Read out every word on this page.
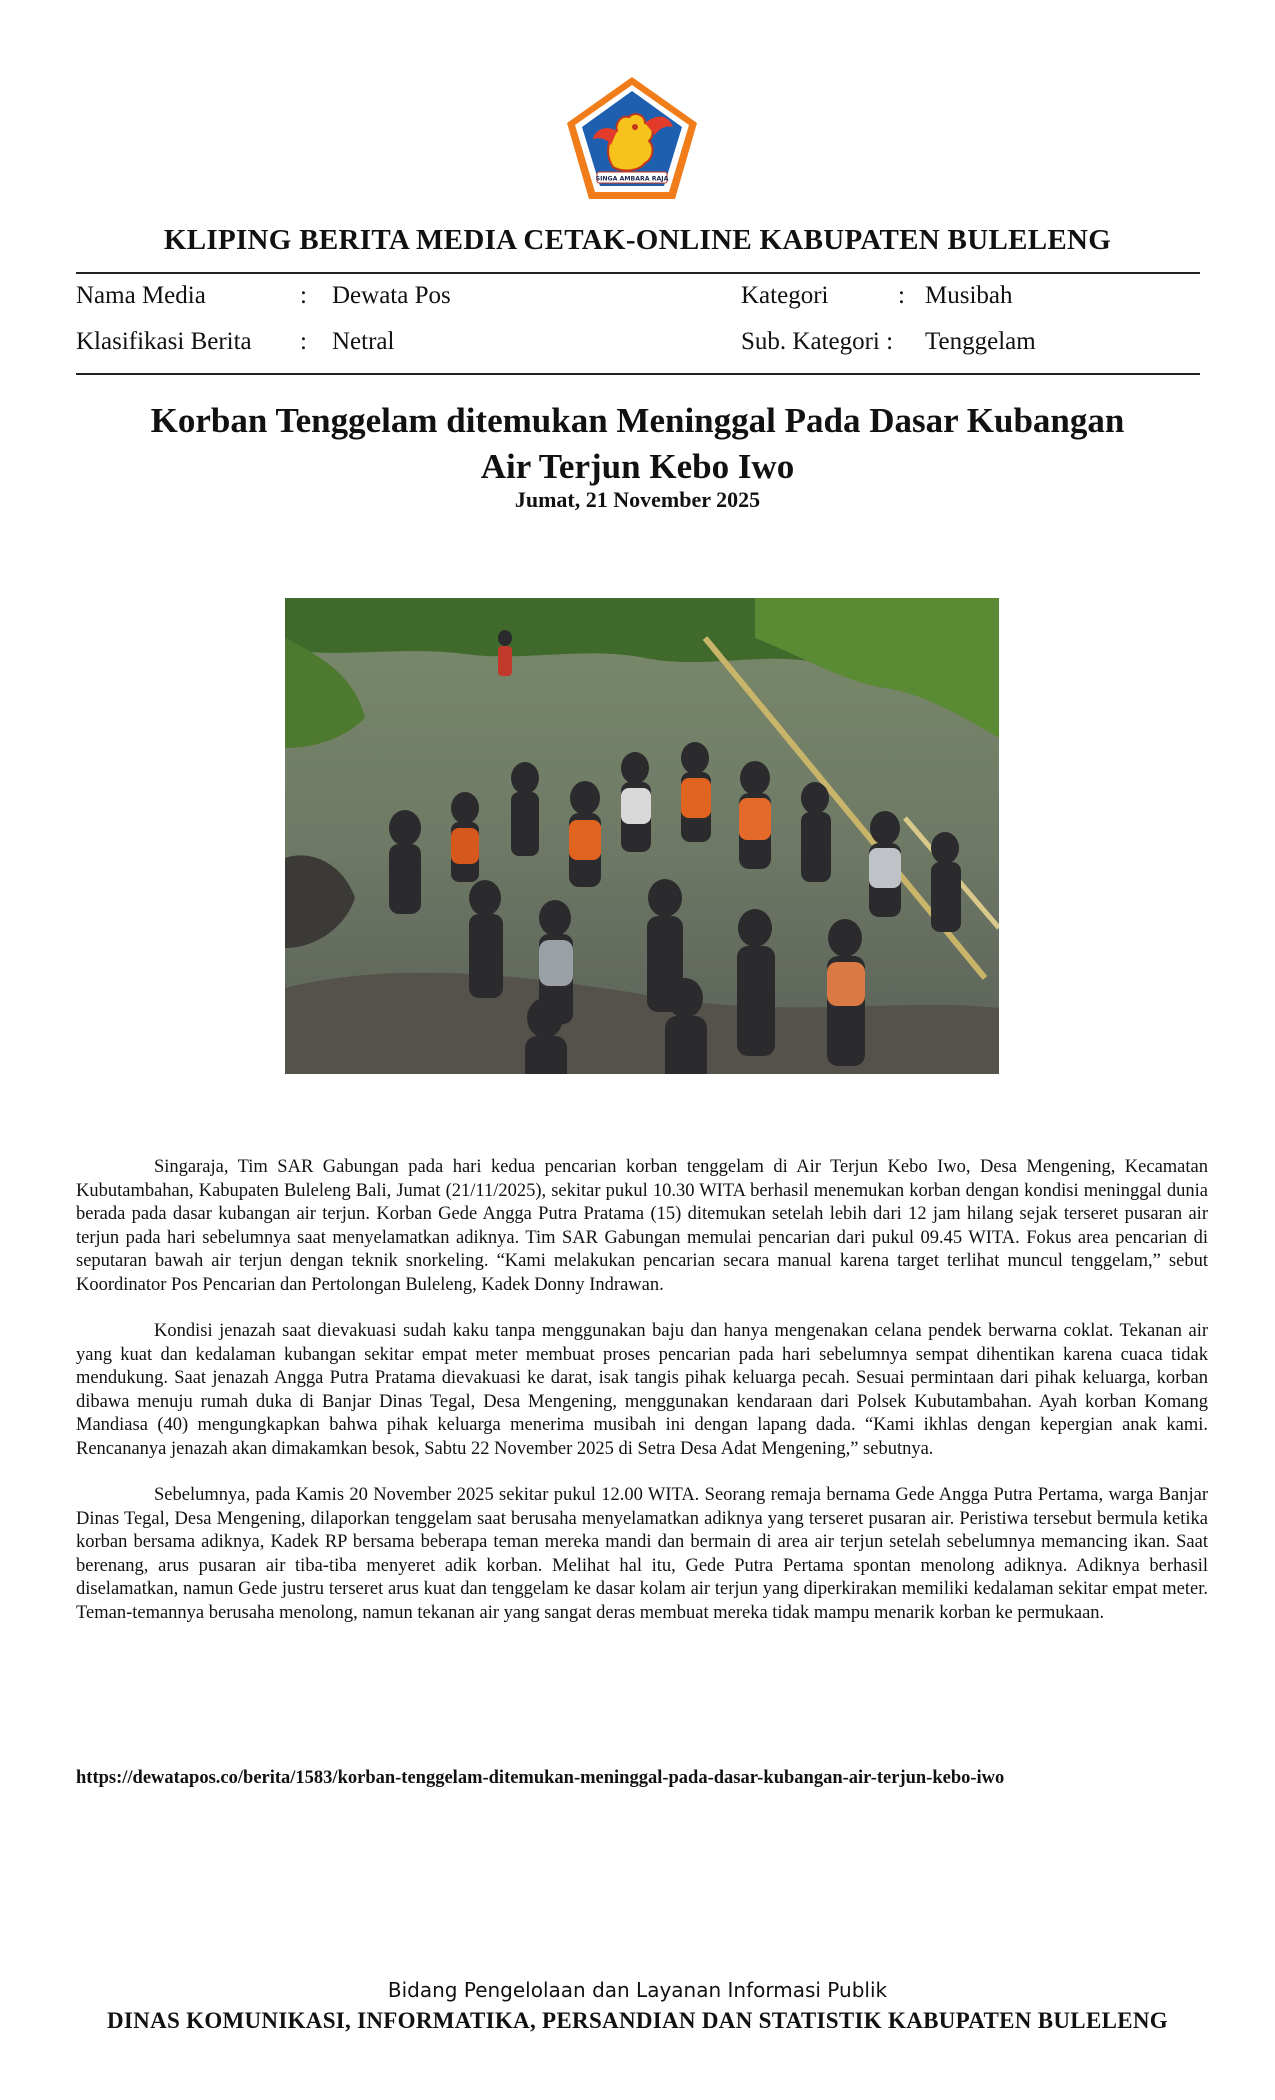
SINGA AMBARA RAJA
KLIPING BERITA MEDIA CETAK-ONLINE KABUPATEN BULELENG
Nama Media	: Dewata Pos	Kategori	: Musibah
Klasifikasi Berita : Netral	Sub. Kategori : Tenggelam
Korban Tenggelam ditemukan Meninggal Pada Dasar Kubangan
Air Terjun Kebo Iwo
Jumat, 21 November 2025

Singaraja, Tim SAR Gabungan pada hari kedua pencarian korban tenggelam di Air Terjun Kebo Iwo, Desa Mengening, Kecamatan Kubutambahan, Kabupaten Buleleng Bali, Jumat (21/11/2025), sekitar pukul 10.30 WITA berhasil menemukan korban dengan kondisi meninggal dunia berada pada dasar kubangan air terjun. Korban Gede Angga Putra Pratama (15) ditemukan setelah lebih dari 12 jam hilang sejak terseret pusaran air terjun pada hari sebelumnya saat menyelamatkan adiknya. Tim SAR Gabungan memulai pencarian dari pukul 09.45 WITA. Fokus area pencarian di seputaran bawah air terjun dengan teknik snorkeling. “Kami melakukan pencarian secara manual karena target terlihat muncul tenggelam,” sebut Koordinator Pos Pencarian dan Pertolongan Buleleng, Kadek Donny Indrawan.

Kondisi jenazah saat dievakuasi sudah kaku tanpa menggunakan baju dan hanya mengenakan celana pendek berwarna coklat. Tekanan air yang kuat dan kedalaman kubangan sekitar empat meter membuat proses pencarian pada hari sebelumnya sempat dihentikan karena cuaca tidak mendukung. Saat jenazah Angga Putra Pratama dievakuasi ke darat, isak tangis pihak keluarga pecah. Sesuai permintaan dari pihak keluarga, korban dibawa menuju rumah duka di Banjar Dinas Tegal, Desa Mengening, menggunakan kendaraan dari Polsek Kubutambahan. Ayah korban Komang Mandiasa (40) mengungkapkan bahwa pihak keluarga menerima musibah ini dengan lapang dada. “Kami ikhlas dengan kepergian anak kami. Rencananya jenazah akan dimakamkan besok, Sabtu 22 November 2025 di Setra Desa Adat Mengening,” sebutnya.

Sebelumnya, pada Kamis 20 November 2025 sekitar pukul 12.00 WITA. Seorang remaja bernama Gede Angga Putra Pertama, warga Banjar Dinas Tegal, Desa Mengening, dilaporkan tenggelam saat berusaha menyelamatkan adiknya yang terseret pusaran air. Peristiwa tersebut bermula ketika korban bersama adiknya, Kadek RP bersama beberapa teman mereka mandi dan bermain di area air terjun setelah sebelumnya memancing ikan. Saat berenang, arus pusaran air tiba-tiba menyeret adik korban. Melihat hal itu, Gede Putra Pertama spontan menolong adiknya. Adiknya berhasil diselamatkan, namun Gede justru terseret arus kuat dan tenggelam ke dasar kolam air terjun yang diperkirakan memiliki kedalaman sekitar empat meter. Teman-temannya berusaha menolong, namun tekanan air yang sangat deras membuat mereka tidak mampu menarik korban ke permukaan.

https://dewatapos.co/berita/1583/korban-tenggelam-ditemukan-meninggal-pada-dasar-kubangan-air-terjun-kebo-iwo
Bidang Pengelolaan dan Layanan Informasi Publik
DINAS KOMUNIKASI, INFORMATIKA, PERSANDIAN DAN STATISTIK KABUPATEN BULELENG
